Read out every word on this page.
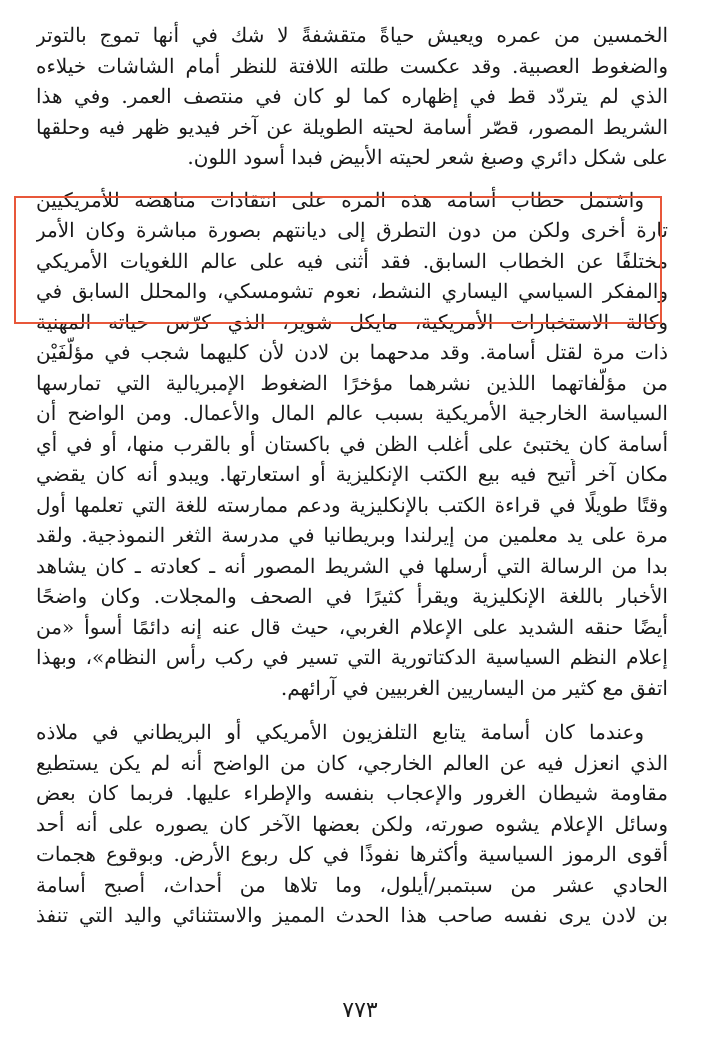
الخمسين من عمره ويعيش حياةً متقشفةً لا شك في أنها تموج بالتوتر
والضغوط العصبية. وقد عكست طلته اللافتة للنظر أمام الشاشات خيلاءه
الذي لم يتردّد قط في إظهاره كما لو كان في منتصف العمر. وفي هذا
الشريط المصور، قصّر أسامة لحيته الطويلة عن آخر فيديو ظهر فيه وحلقها
على شكل دائري وصبغ شعر لحيته الأبيض فبدا أسود اللون.
واشتمل خطاب أسامة هذه المرة على انتقادات مناهضة للأمريكيين
تارة أخرى ولكن من دون التطرق إلى ديانتهم بصورة مباشرة وكان الأمر
مختلفًا عن الخطاب السابق. فقد أثنى فيه على عالم اللغويات الأمريكي
والمفكر السياسي اليساري النشط، نعوم تشومسكي، والمحلل السابق في
وكالة الاستخبارات الأمريكية، مايكل شوير، الذي كرّس حياته المهنية
ذات مرة لقتل أسامة. وقد مدحهما بن لادن لأن كليهما شجب في مؤلّفَيْن
من مؤلّفاتهما اللذين نشرهما مؤخرًا الضغوط الإمبريالية التي تمارسها
السياسة الخارجية الأمريكية بسبب عالم المال والأعمال. ومن الواضح أن
أسامة كان يختبئ على أغلب الظن في باكستان أو بالقرب منها، أو في أي
مكان آخر أُتيح فيه بيع الكتب الإنكليزية أو استعارتها. ويبدو أنه كان يقضي
وقتًا طويلًا في قراءة الكتب بالإنكليزية ودعم ممارسته للغة التي تعلمها أول
مرة على يد معلمين من إيرلندا وبريطانيا في مدرسة الثغر النموذجية. ولقد
بدا من الرسالة التي أرسلها في الشريط المصور أنه ـ كعادته ـ كان يشاهد
الأخبار باللغة الإنكليزية ويقرأ كثيرًا في الصحف والمجلات. وكان واضحًا
أيضًا حنقه الشديد على الإعلام الغربي، حيث قال عنه إنه دائمًا أسوأ «من
إعلام النظم السياسية الدكتاتورية التي تسير في ركب رأس النظام»، وبهذا
اتفق مع كثير من اليساريين الغربيين في آرائهم.
وعندما كان أسامة يتابع التلفزيون الأمريكي أو البريطاني في ملاذه
الذي انعزل فيه عن العالم الخارجي، كان من الواضح أنه لم يكن يستطيع
مقاومة شيطان الغرور والإعجاب بنفسه والإطراء عليها. فربما كان بعض
وسائل الإعلام يشوه صورته، ولكن بعضها الآخر كان يصوره على أنه أحد
أقوى الرموز السياسية وأكثرها نفوذًا في كل ربوع الأرض. وبوقوع هجمات
الحادي عشر من سبتمبر/أيلول، وما تلاها من أحداث، أصبح أسامة
بن لادن يرى نفسه صاحب هذا الحدث المميز والاستثنائي واليد التي تنفذ
٧٧٣
